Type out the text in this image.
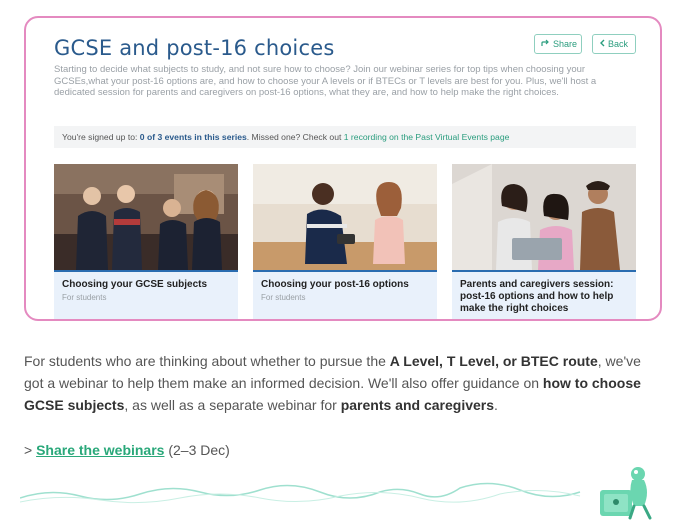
GCSE and post-16 choices	Share	Back

Starting to decide what subjects to study, and not sure how to choose? Join our webinar series for top tips when choosing your GCSEs,what your post-16 options are, and how to choose your A levels or if BTECs or T levels are best for you. Plus, we'll host a dedicated session for parents and caregivers on post-16 options, what they are, and how to help make the right choices.

You're signed up to: 0 of 3 events in this series. Missed one? Check out 1 recording on the Past Virtual Events page
Choosing your GCSE subjects
For students
Choosing your post-16 options
For students
Parents and caregivers session: post-16 options and how to help make the right choices

For students who are thinking about whether to pursue the A Level, T Level, or BTEC route, we've got a webinar to help them make an informed decision. We'll also offer guidance on how to choose GCSE subjects, as well as a separate webinar for parents and caregivers.

> Share the webinars (2–3 Dec)
